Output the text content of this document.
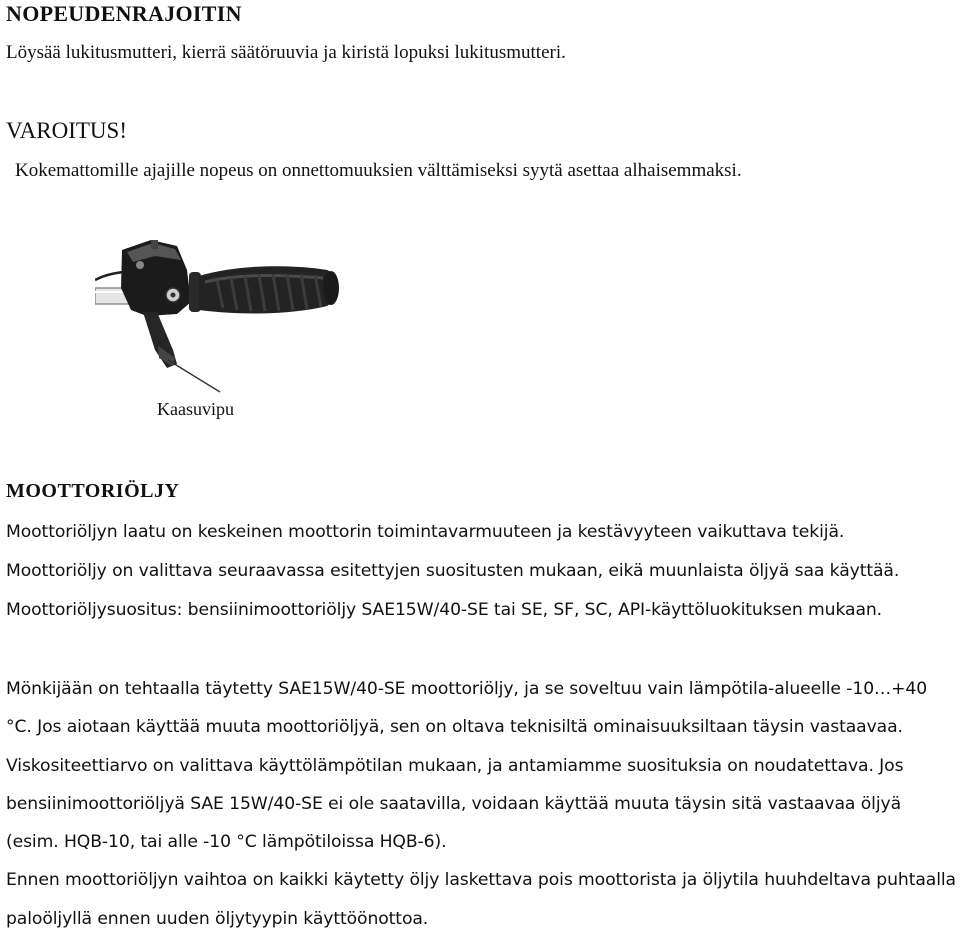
NOPEUDENRAJOITIN
Löysää lukitusmutteri, kierrä säätöruuvia ja kiristä lopuksi lukitusmutteri.
VAROITUS!
Kokemattomille ajajille nopeus on onnettomuuksien välttämiseksi syytä asettaa alhaisemmaksi.
Kaasuvipu
MOOTTORIÖLJY
Moottoriöljyn laatu on keskeinen moottorin toimintavarmuuteen ja kestävyyteen vaikuttava tekijä.
Moottoriöljy on valittava seuraavassa esitettyjen suositusten mukaan, eikä muunlaista öljyä saa käyttää.
Moottoriöljysuositus: bensiinimoottoriöljy SAE15W/40-SE tai SE, SF, SC, API-käyttöluokituksen mukaan.

Mönkijään on tehtaalla täytetty SAE15W/40-SE moottoriöljy, ja se soveltuu vain lämpötila-alueelle -10…+40 °C. Jos aiotaan käyttää muuta moottoriöljyä, sen on oltava teknisiltä ominaisuuksiltaan täysin vastaavaa. Viskositeettiarvo on valittava käyttölämpötilan mukaan, ja antamiamme suosituksia on noudatettava. Jos bensiinimoottoriöljyä SAE 15W/40-SE ei ole saatavilla, voidaan käyttää muuta täysin sitä vastaavaa öljyä (esim. HQB-10, tai alle -10 °C lämpötiloissa HQB-6).

Ennen moottoriöljyn vaihtoa on kaikki käytetty öljy laskettava pois moottorista ja öljytila huuhdeltava puhtaalla palоöljyllä ennen uuden öljytyypin käyttöönottoa.
